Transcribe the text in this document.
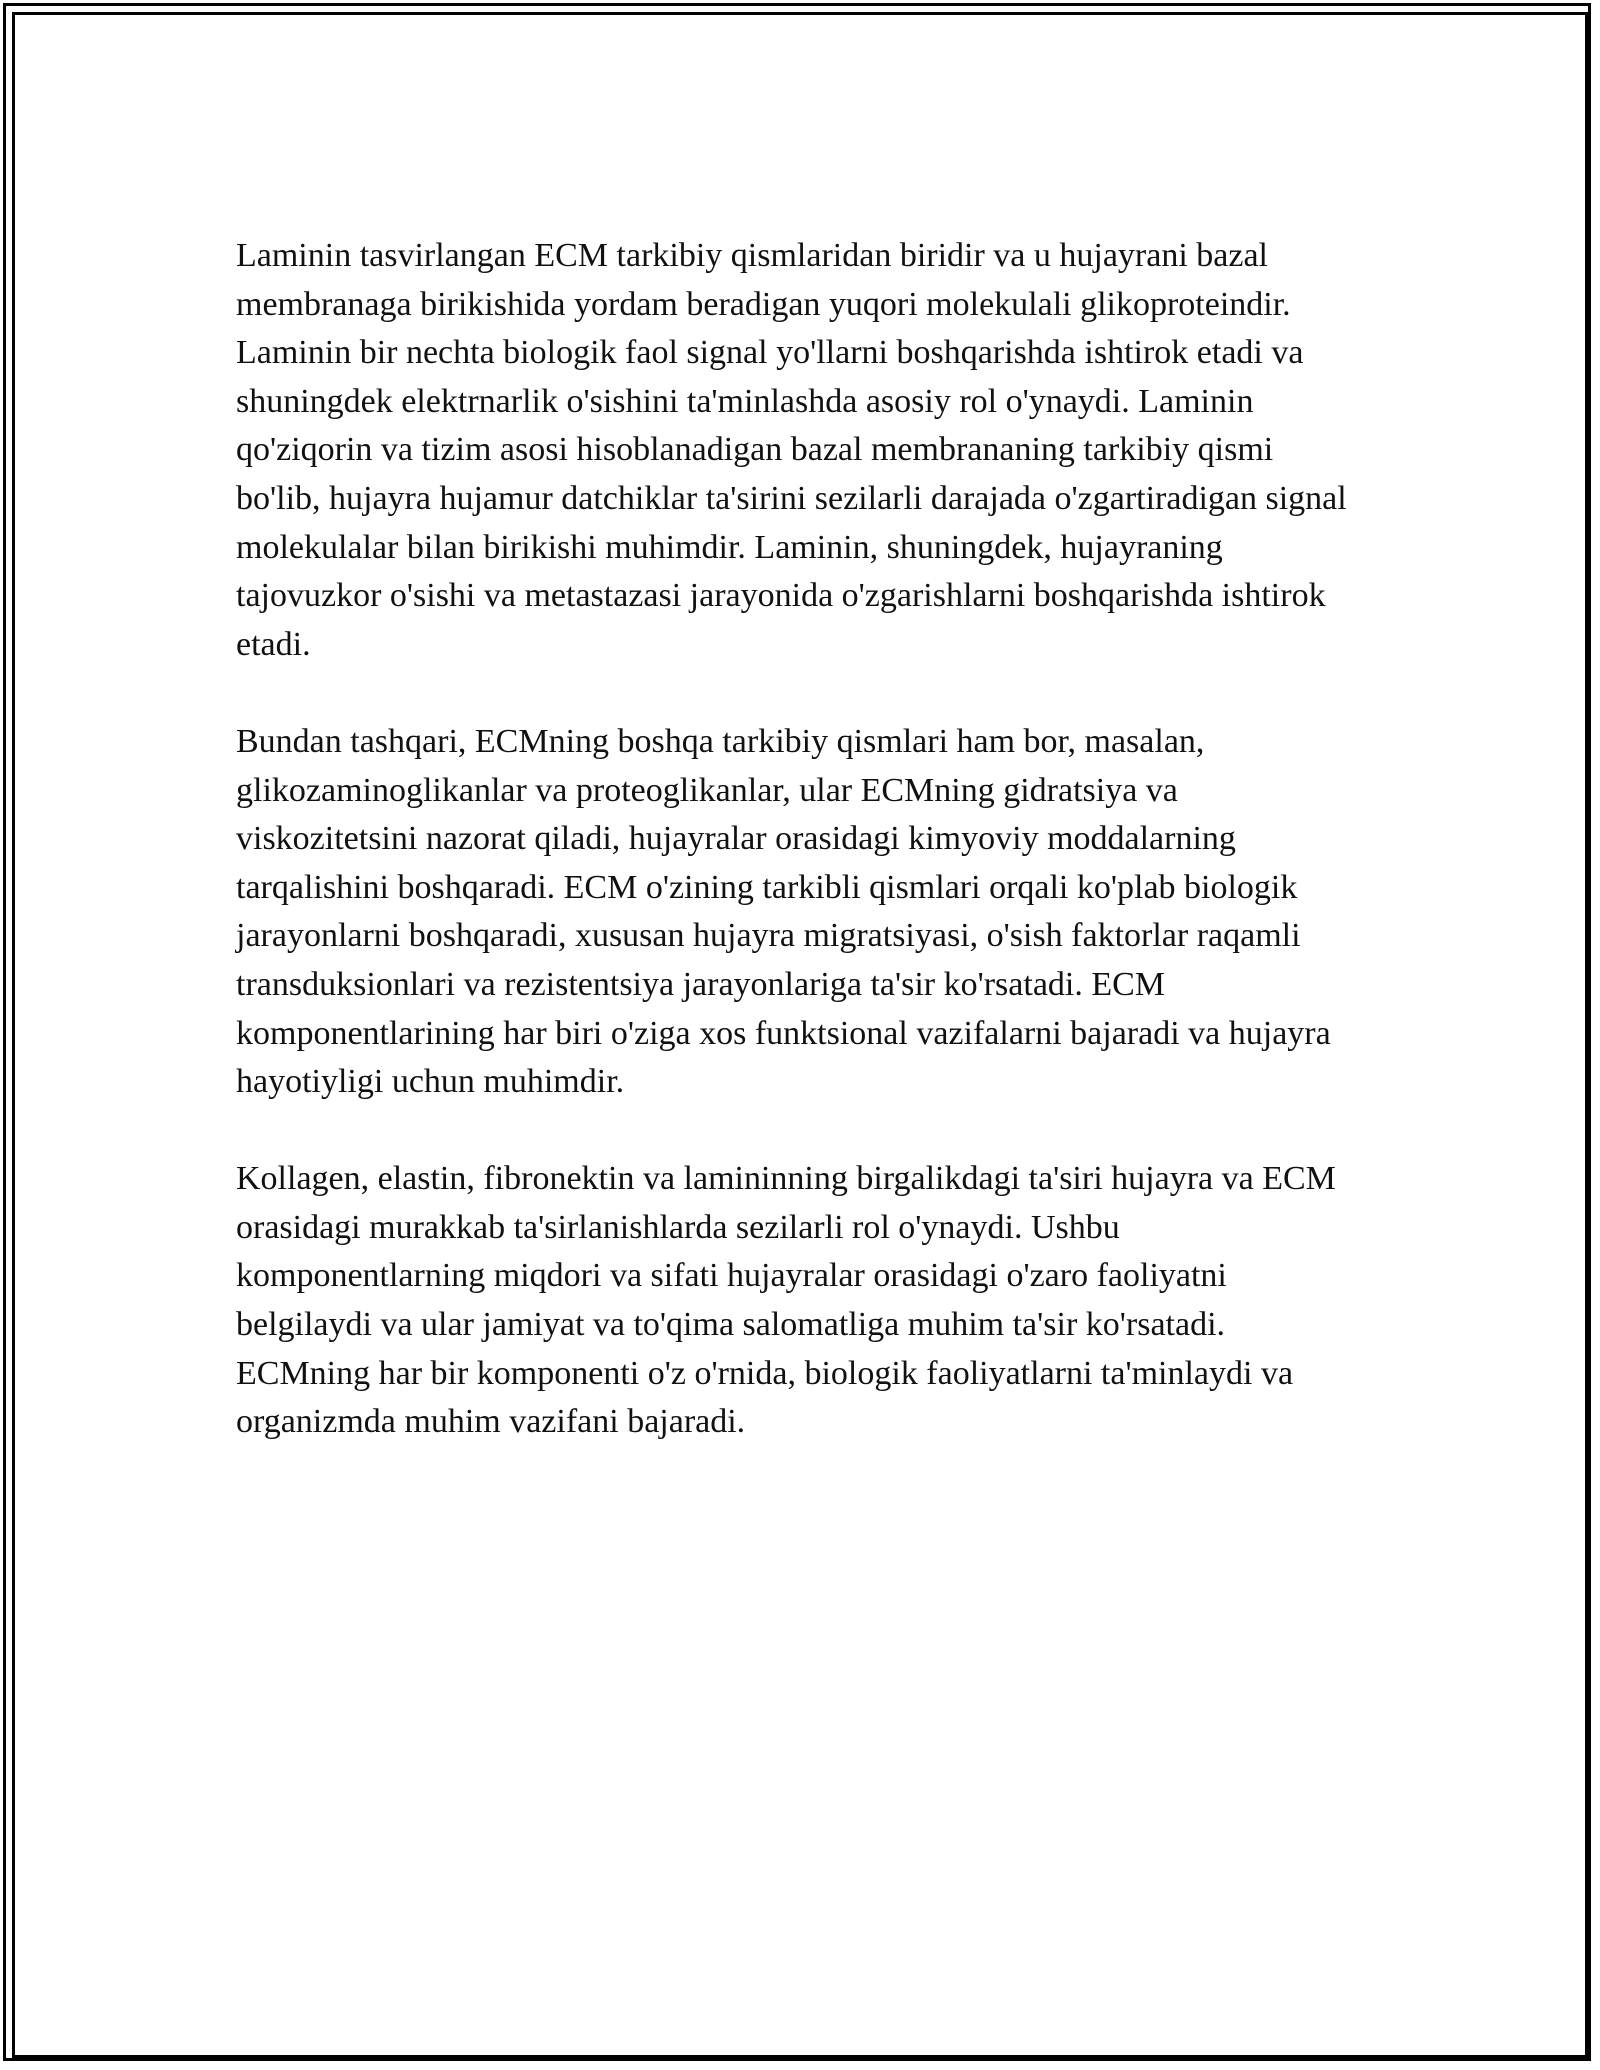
Laminin tasvirlangan ECM tarkibiy qismlaridan biridir va u hujayrani bazal membranaga birikishida yordam beradigan yuqori molekulali glikoproteindir. Laminin bir nechta biologik faol signal yo'llarni boshqarishda ishtirok etadi va shuningdek elektrnarlik o'sishini ta'minlashda asosiy rol o'ynaydi. Laminin qo'ziqorin va tizim asosi hisoblanadigan bazal membrananing tarkibiy qismi bo'lib, hujayra hujamur datchiklar ta'sirini sezilarli darajada o'zgartiradigan signal molekulalar bilan birikishi muhimdir. Laminin, shuningdek, hujayraning tajovuzkor o'sishi va metastazasi jarayonida o'zgarishlarni boshqarishda ishtirok etadi.

Bundan tashqari, ECMning boshqa tarkibiy qismlari ham bor, masalan, glikozaminoglikanlar va proteoglikanlar, ular ECMning gidratsiya va viskozitetsini nazorat qiladi, hujayralar orasidagi kimyoviy moddalarning tarqalishini boshqaradi. ECM o'zining tarkibli qismlari orqali ko'plab biologik jarayonlarni boshqaradi, xususan hujayra migratsiyasi, o'sish faktorlar raqamli transduksionlari va rezistentsiya jarayonlariga ta'sir ko'rsatadi. ECM komponentlarining har biri o'ziga xos funktsional vazifalarni bajaradi va hujayra hayotiyligi uchun muhimdir.

Kollagen, elastin, fibronektin va lamininning birgalikdagi ta'siri hujayra va ECM orasidagi murakkab ta'sirlanishlarda sezilarli rol o'ynaydi. Ushbu komponentlarning miqdori va sifati hujayralar orasidagi o'zaro faoliyatni belgilaydi va ular jamiyat va to'qima salomatliga muhim ta'sir ko'rsatadi. ECMning har bir komponenti o'z o'rnida, biologik faoliyatlarni ta'minlaydi va organizmda muhim vazifani bajaradi.
